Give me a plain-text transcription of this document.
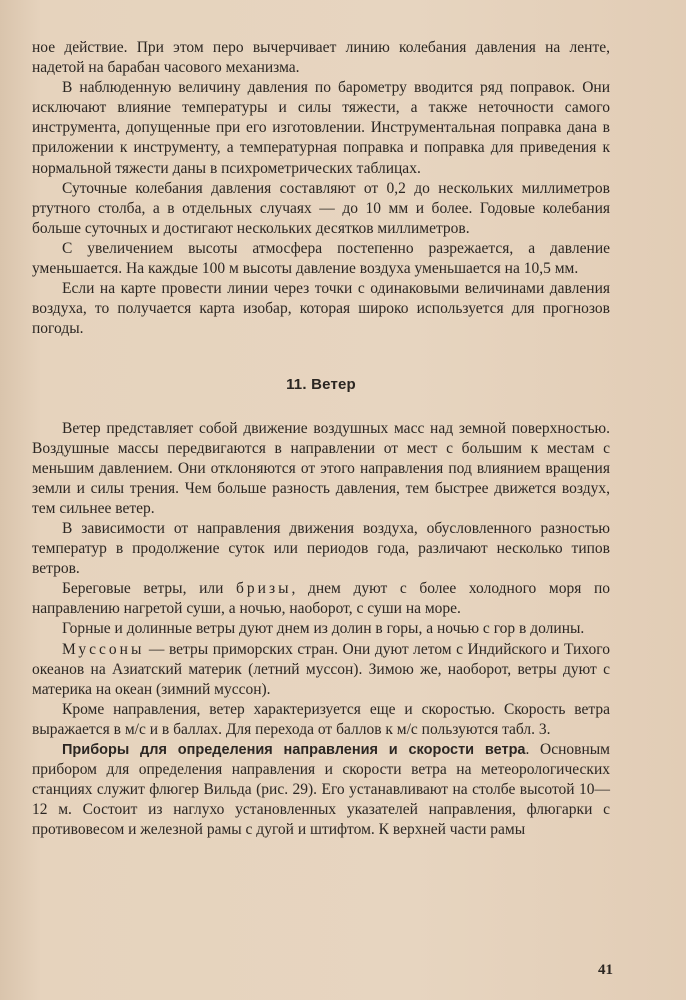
ное действие. При этом перо вычерчивает линию колебания давления на ленте, надетой на барабан часового механизма.

В наблюденную величину давления по барометру вводится ряд поправок. Они исключают влияние температуры и силы тяжести, а также неточности самого инструмента, допущенные при его изготовлении. Инструментальная поправка дана в приложении к инструменту, а температурная поправка и поправка для приведения к нормальной тяжести даны в психрометрических таблицах.

Суточные колебания давления составляют от 0,2 до нескольких миллиметров ртутного столба, а в отдельных случаях — до 10 мм и более. Годовые колебания больше суточных и достигают нескольких десятков миллиметров.

С увеличением высоты атмосфера постепенно разрежается, а давление уменьшается. На каждые 100 м высоты давление воздуха уменьшается на 10,5 мм.

Если на карте провести линии через точки с одинаковыми величинами давления воздуха, то получается карта изобар, которая широко используется для прогнозов погоды.

11. Ветер

Ветер представляет собой движение воздушных масс над земной поверхностью. Воздушные массы передвигаются в направлении от мест с большим к местам с меньшим давлением. Они отклоняются от этого направления под влиянием вращения земли и силы трения. Чем больше разность давления, тем быстрее движется воздух, тем сильнее ветер.

В зависимости от направления движения воздуха, обусловленного разностью температур в продолжение суток или периодов года, различают несколько типов ветров.

Береговые ветры, или бризы, днем дуют с более холодного моря по направлению нагретой суши, а ночью, наоборот, с суши на море.

Горные и долинные ветры дуют днем из долин в горы, а ночью с гор в долины.

Муссоны — ветры приморских стран. Они дуют летом с Индийского и Тихого океанов на Азиатский материк (летний муссон). Зимою же, наоборот, ветры дуют с материка на океан (зимний муссон).

Кроме направления, ветер характеризуется еще и скоростью. Скорость ветра выражается в м/с и в баллах. Для перехода от баллов к м/с пользуются табл. 3.

Приборы для определения направления и скорости ветра. Основным прибором для определения направления и скорости ветра на метеорологических станциях служит флюгер Вильда (рис. 29). Его устанавливают на столбе высотой 10—12 м. Состоит из наглухо установленных указателей направления, флюгарки с противовесом и железной рамы с дугой и штифтом. К верхней части рамы

41
